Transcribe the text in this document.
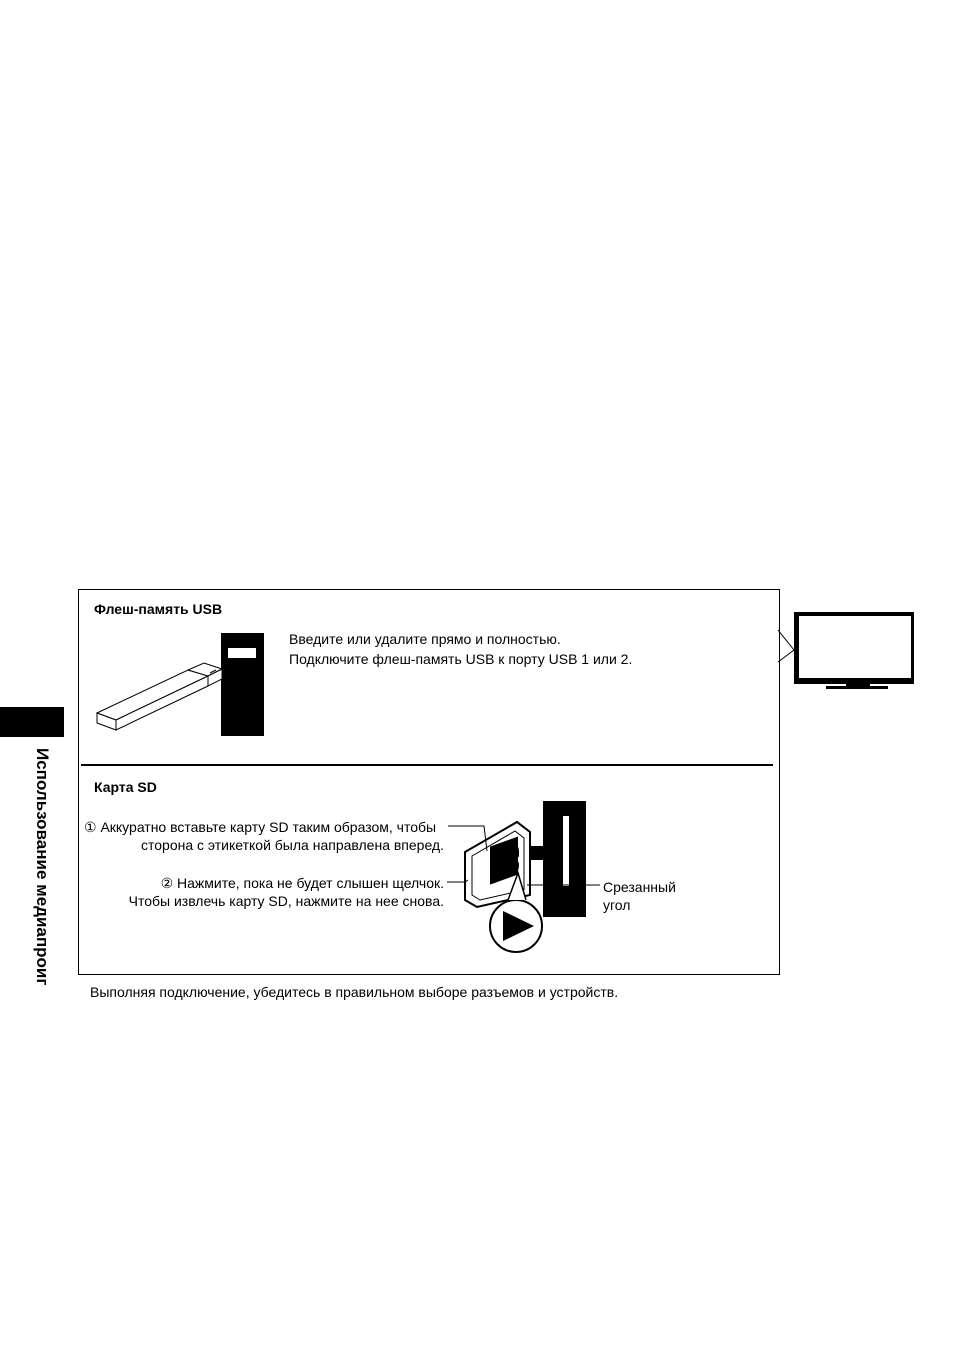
Использование медиапроиг	SD
Флеш-память USB
Введите или удалите прямо и полностью.
Подключите флеш-память USB к порту USB 1 или 2.
Карта SD
① Аккуратно вставьте карту SD таким образом, чтобы
сторона с этикеткой была направлена вперед.
② Нажмите, пока не будет слышен щелчок.
Чтобы извлечь карту SD, нажмите на нее снова.
Срезанный
угол
Выполняя подключение, убедитесь в правильном выборе разъемов и устройств.
